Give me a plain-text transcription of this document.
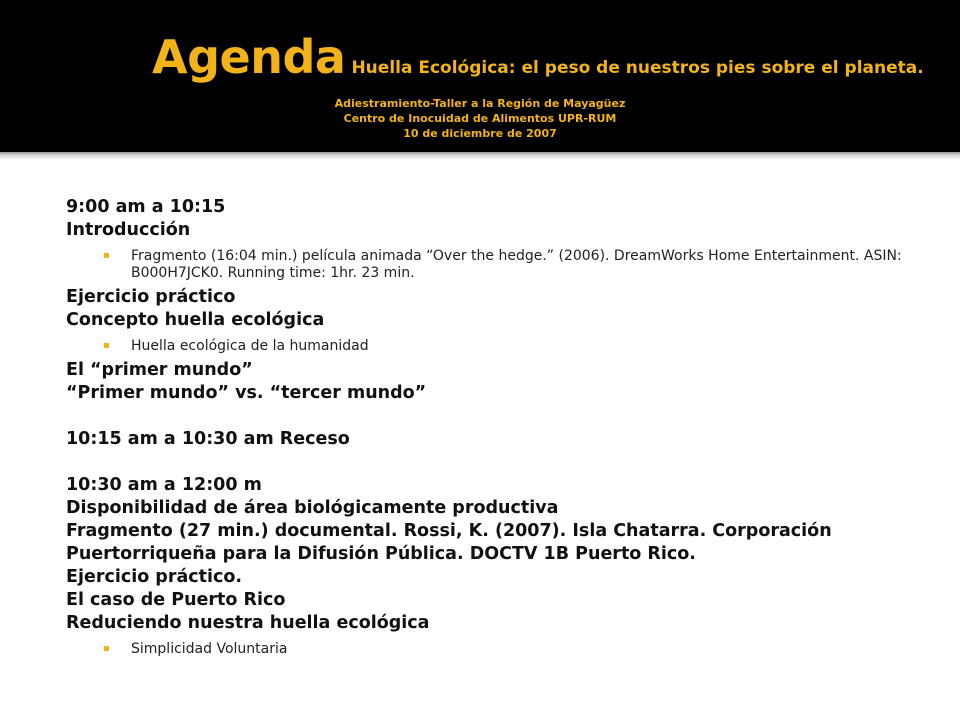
Agenda Huella Ecológica: el peso de nuestros pies sobre el planeta.
Adiestramiento-Taller a la Región de Mayagüez
Centro de Inocuidad de Alimentos UPR-RUM
10 de diciembre de 2007
9:00 am a 10:15
Introducción
Fragmento (16:04 min.) película animada “Over the hedge.” (2006). DreamWorks Home Entertainment. ASIN: B000H7JCK0. Running time: 1hr. 23 min.
Ejercicio práctico
Concepto huella ecológica
Huella ecológica de la humanidad
El “primer mundo”
“Primer mundo” vs. “tercer mundo”
10:15 am a 10:30 am Receso
10:30 am a 12:00 m
Disponibilidad de área biológicamente productiva
Fragmento (27 min.) documental. Rossi, K. (2007). Isla Chatarra. Corporación Puertorriqueña para la Difusión Pública. DOCTV 1B Puerto Rico.
Ejercicio práctico.
El caso de Puerto Rico
Reduciendo nuestra huella ecológica
Simplicidad Voluntaria
